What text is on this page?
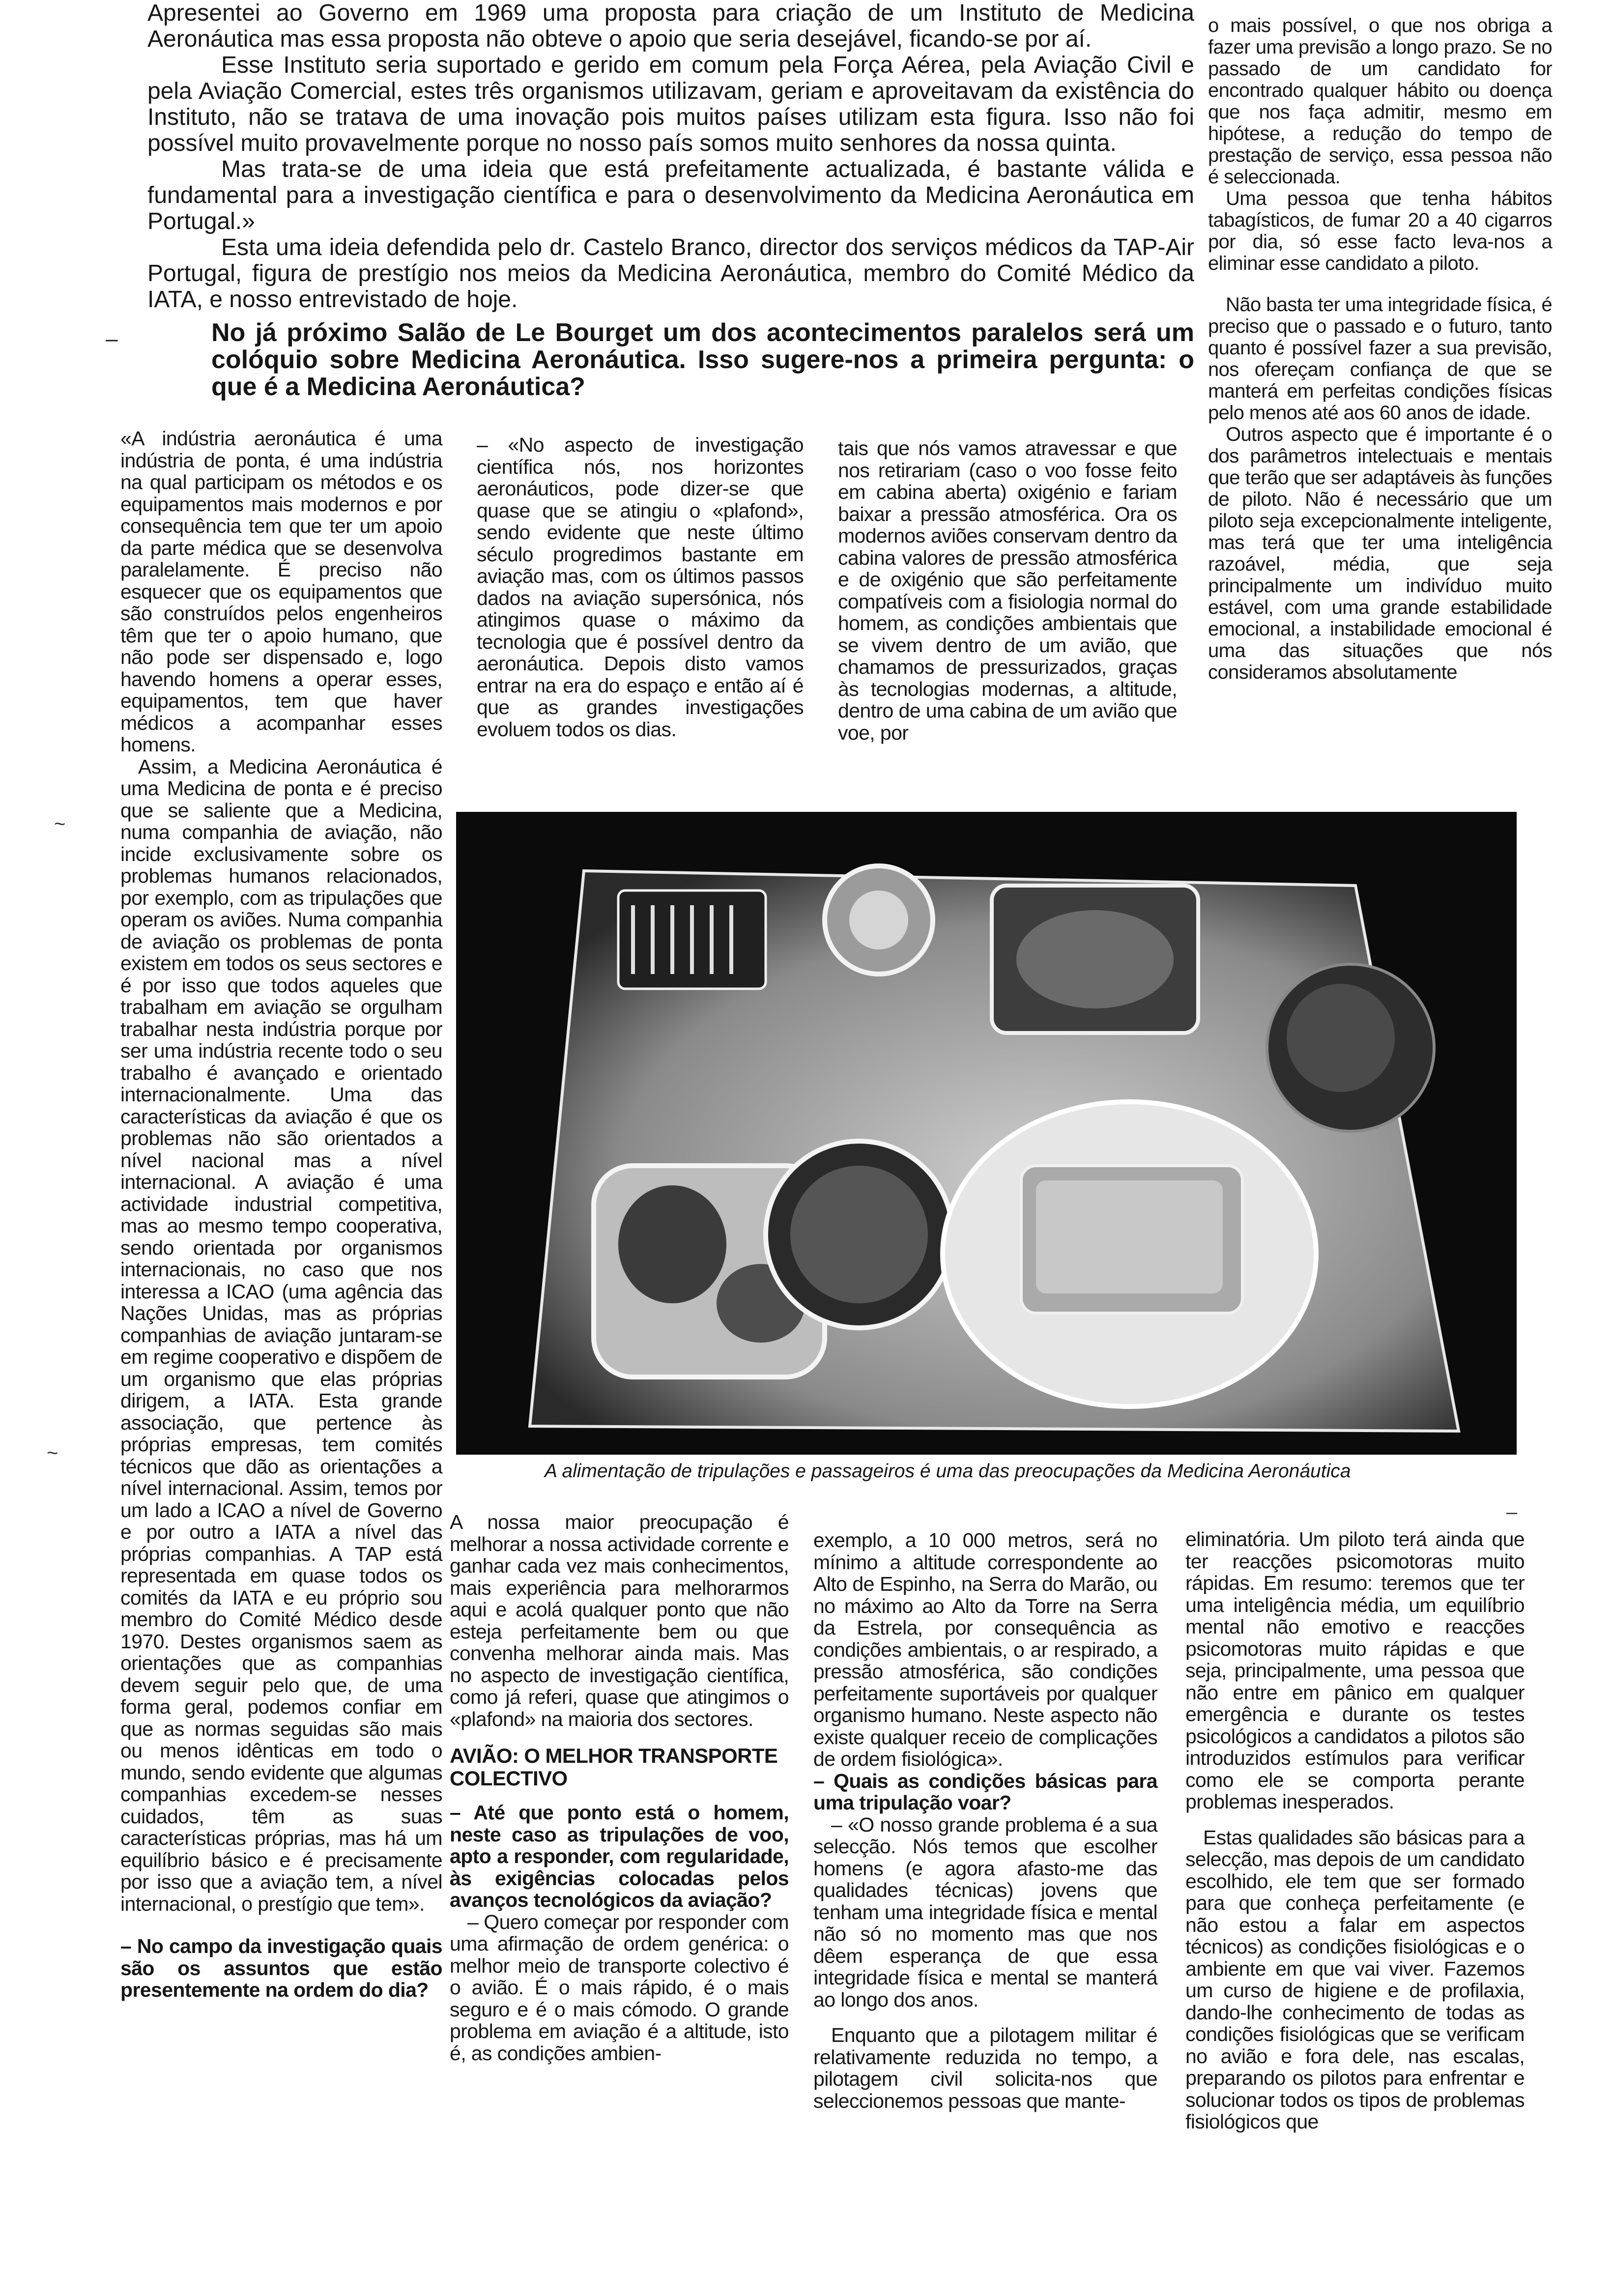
Apresentei ao Governo em 1969 uma proposta para criação de um Instituto de Medicina Aeronáutica mas essa proposta não obteve o apoio que seria desejável, ficando-se por aí.

Esse Instituto seria suportado e gerido em comum pela Força Aérea, pela Aviação Civil e pela Aviação Comercial, estes três organismos utilizavam, geriam e aproveitavam da existência do Instituto, não se tratava de uma inovação pois muitos países utilizam esta figura. Isso não foi possível muito provavelmente porque no nosso país somos muito senhores da nossa quinta.

Mas trata-se de uma ideia que está prefeitamente actualizada, é bastante válida e fundamental para a investigação científica e para o desenvolvimento da Medicina Aeronáutica em Portugal.»

Esta uma ideia defendida pelo dr. Castelo Branco, director dos serviços médicos da TAP-Air Portugal, figura de prestígio nos meios da Medicina Aeronáutica, membro do Comité Médico da IATA, e nosso entrevistado de hoje.

–	No já próximo Salão de Le Bourget um dos acontecimentos paralelos será um colóquio sobre Medicina Aeronáutica. Isso sugere-nos a primeira pergunta: o que é a Medicina Aeronáutica?

«A indústria aeronáutica é uma indústria de ponta, é uma indústria na qual participam os métodos e os equipamentos mais modernos e por consequência tem que ter um apoio da parte médica que se desenvolva paralelamente. É preciso não esquecer que os equipamentos que são construídos pelos engenheiros têm que ter o apoio humano, que não pode ser dispensado e, logo havendo homens a operar esses, equipamentos, tem que haver médicos a acompanhar esses homens.

Assim, a Medicina Aeronáutica é uma Medicina de ponta e é preciso que se saliente que a Medicina, numa companhia de aviação, não incide exclusivamente sobre os problemas humanos relacionados, por exemplo, com as tripulações que operam os aviões. Numa companhia de aviação os problemas de ponta existem em todos os seus sectores e é por isso que todos aqueles que trabalham em aviação se orgulham trabalhar nesta indústria porque por ser uma indústria recente todo o seu trabalho é avançado e orientado internacionalmente. Uma das características da aviação é que os problemas não são orientados a nível nacional mas a nível internacional. A aviação é uma actividade industrial competitiva, mas ao mesmo tempo cooperativa, sendo orientada por organismos internacionais, no caso que nos interessa a ICAO (uma agência das Nações Unidas, mas as próprias companhias de aviação juntaram-se em regime cooperativo e dispõem de um organismo que elas próprias dirigem, a IATA. Esta grande associação, que pertence às próprias empresas, tem comités técnicos que dão as orientações a nível internacional. Assim, temos por um lado a ICAO a nível de Governo e por outro a IATA a nível das próprias companhias. A TAP está representada em quase todos os comités da IATA e eu próprio sou membro do Comité Médico desde 1970. Destes organismos saem as orientações que as companhias devem seguir pelo que, de uma forma geral, podemos confiar em que as normas seguidas são mais ou menos idênticas em todo o mundo, sendo evidente que algumas companhias excedem-se nesses cuidados, têm as suas características próprias, mas há um equilíbrio básico e é precisamente por isso que a aviação tem, a nível internacional, o prestígio que tem».

– No campo da investigação quais são os assuntos que estão presentemente na ordem do dia?

– «No aspecto de investigação científica nós, nos horizontes aeronáuticos, pode dizer-se que quase que se atingiu o «plafond», sendo evidente que neste último século progredimos bastante em aviação mas, com os últimos passos dados na aviação supersónica, nós atingimos quase o máximo da tecnologia que é possível dentro da aeronáutica. Depois disto vamos entrar na era do espaço e então aí é que as grandes investigações evoluem todos os dias.

tais que nós vamos atravessar e que nos retirariam (caso o voo fosse feito em cabina aberta) oxigénio e fariam baixar a pressão atmosférica. Ora os modernos aviões conservam dentro da cabina valores de pressão atmosférica e de oxigénio que são perfeitamente compatíveis com a fisiologia normal do homem, as condições ambientais que se vivem dentro de um avião, que chamamos de pressurizados, graças às tecnologias modernas, a altitude, dentro de uma cabina de um avião que voe, por

o mais possível, o que nos obriga a fazer uma previsão a longo prazo. Se no passado de um candidato for encontrado qualquer hábito ou doença que nos faça admitir, mesmo em hipótese, a redução do tempo de prestação de serviço, essa pessoa não é seleccionada.

Uma pessoa que tenha hábitos tabagísticos, de fumar 20 a 40 cigarros por dia, só esse facto leva-nos a eliminar esse candidato a piloto.

Não basta ter uma integridade física, é preciso que o passado e o futuro, tanto quanto é possível fazer a sua previsão, nos ofereçam confiança de que se manterá em perfeitas condições físicas pelo menos até aos 60 anos de idade.

Outros aspecto que é importante é o dos parâmetros intelectuais e mentais que terão que ser adaptáveis às funções de piloto. Não é necessário que um piloto seja excepcionalmente inteligente, mas terá que ter uma inteligência razoável, média, que seja principalmente um indivíduo muito estável, com uma grande estabilidade emocional, a instabilidade emocional é uma das situações que nós consideramos absolutamente

A alimentação de tripulações e passageiros é uma das preocupações da Medicina Aeronáutica

A nossa maior preocupação é melhorar a nossa actividade corrente e ganhar cada vez mais conhecimentos, mais experiência para melhorarmos aqui e acolá qualquer ponto que não esteja perfeitamente bem ou que convenha melhorar ainda mais. Mas no aspecto de investigação científica, como já referi, quase que atingimos o «plafond» na maioria dos sectores.

AVIÃO: O MELHOR TRANSPORTE COLECTIVO

– Até que ponto está o homem, neste caso as tripulações de voo, apto a responder, com regularidade, às exigências colocadas pelos avanços tecnológicos da aviação?

– Quero começar por responder com uma afirmação de ordem genérica: o melhor meio de transporte colectivo é o avião. É o mais rápido, é o mais seguro e é o mais cómodo. O grande problema em aviação é a altitude, isto é, as condições ambien-

exemplo, a 10 000 metros, será no mínimo a altitude correspondente ao Alto de Espinho, na Serra do Marão, ou no máximo ao Alto da Torre na Serra da Estrela, por consequência as condições ambientais, o ar respirado, a pressão atmosférica, são condições perfeitamente suportáveis por qualquer organismo humano. Neste aspecto não existe qualquer receio de complicações de ordem fisiológica».

– Quais as condições básicas para uma tripulação voar?

– «O nosso grande problema é a sua selecção. Nós temos que escolher homens (e agora afasto-me das qualidades técnicas) jovens que tenham uma integridade física e mental não só no momento mas que nos dêem esperança de que essa integridade física e mental se manterá ao longo dos anos.

Enquanto que a pilotagem militar é relativamente reduzida no tempo, a pilotagem civil solicita-nos que seleccionemos pessoas que mante-

eliminatória. Um piloto terá ainda que ter reacções psicomotoras muito rápidas. Em resumo: teremos que ter uma inteligência média, um equilíbrio mental não emotivo e reacções psicomotoras muito rápidas e que seja, principalmente, uma pessoa que não entre em pânico em qualquer emergência e durante os testes psicológicos a candidatos a pilotos são introduzidos estímulos para verificar como ele se comporta perante problemas inesperados.

Estas qualidades são básicas para a selecção, mas depois de um candidato escolhido, ele tem que ser formado para que conheça perfeitamente (e não estou a falar em aspectos técnicos) as condições fisiológicas e o ambiente em que vai viver. Fazemos um curso de higiene e de profilaxia, dando-lhe conhecimento de todas as condições fisiológicas que se verificam no avião e fora dele, nas escalas, preparando os pilotos para enfrentar e solucionar todos os tipos de problemas fisiológicos que

~
~
–
